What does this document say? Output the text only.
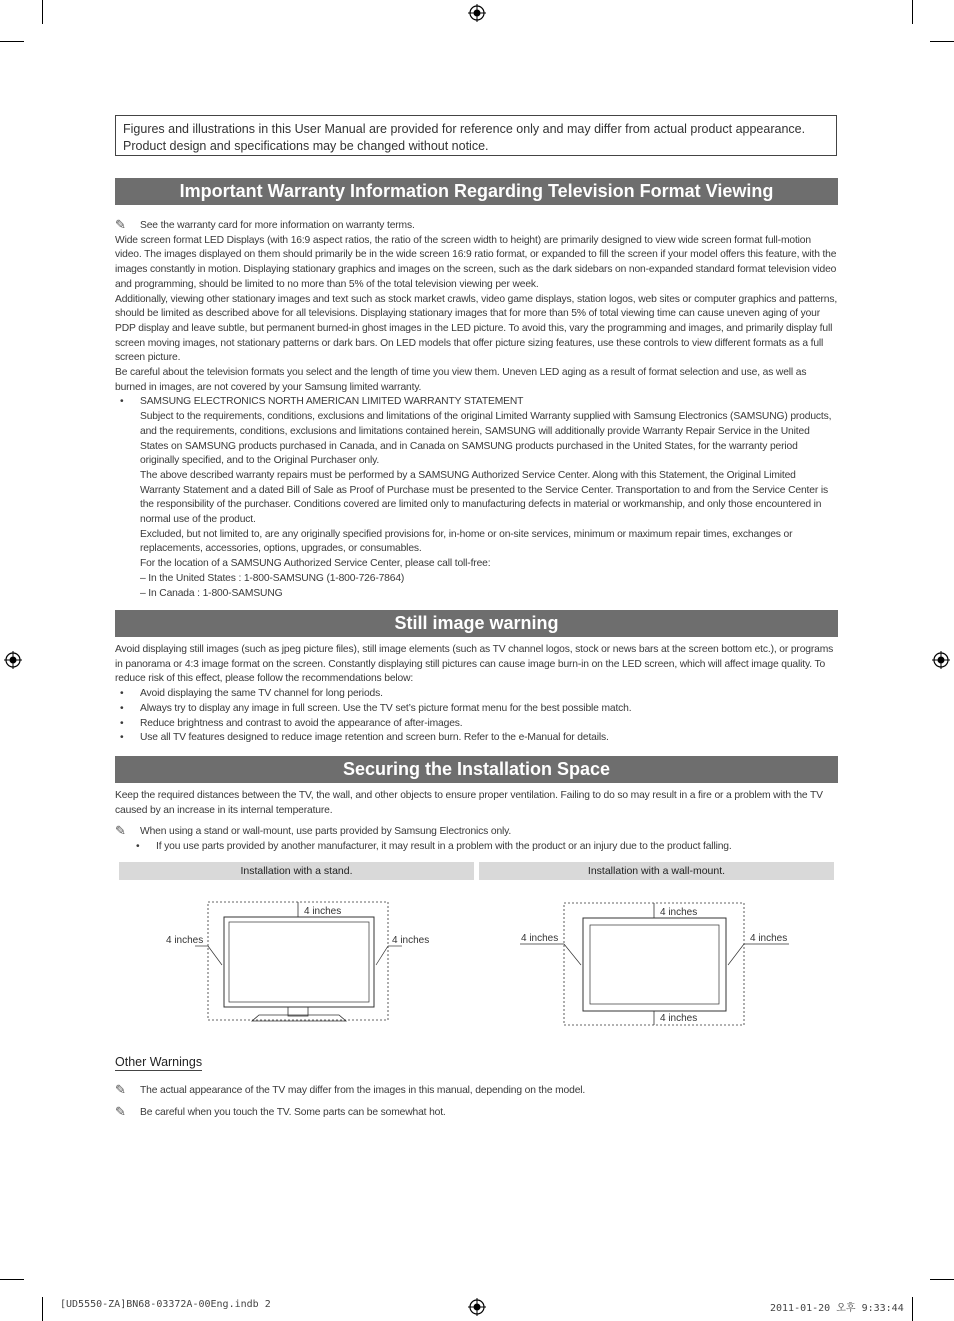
Figures and illustrations in this User Manual are provided for reference only and may differ from actual product appearance.
Product design and specifications may be changed without notice.
Important Warranty Information Regarding Television Format Viewing

✎ See the warranty card for more information on warranty terms.

Wide screen format LED Displays (with 16:9 aspect ratios, the ratio of the screen width to height) are primarily designed to view wide screen format full-motion video. The images displayed on them should primarily be in the wide screen 16:9 ratio format, or expanded to fill the screen if your model offers this feature, with the images constantly in motion. Displaying stationary graphics and images on the screen, such as the dark sidebars on non-expanded standard format television video and programming, should be limited to no more than 5% of the total television viewing per week.

Additionally, viewing other stationary images and text such as stock market crawls, video game displays, station logos, web sites or computer graphics and patterns, should be limited as described above for all televisions. Displaying stationary images that for more than 5% of total viewing time can cause uneven aging of your PDP display and leave subtle, but permanent burned-in ghost images in the LED picture. To avoid this, vary the programming and images, and primarily display full screen moving images, not stationary patterns or dark bars. On LED models that offer picture sizing features, use these controls to view different formats as a full screen picture.

Be careful about the television formats you select and the length of time you view them. Uneven LED aging as a result of format selection and use, as well as burned in images, are not covered by your Samsung limited warranty.

• SAMSUNG ELECTRONICS NORTH AMERICAN LIMITED WARRANTY STATEMENT

Subject to the requirements, conditions, exclusions and limitations of the original Limited Warranty supplied with Samsung Electronics (SAMSUNG) products, and the requirements, conditions, exclusions and limitations contained herein, SAMSUNG will additionally provide Warranty Repair Service in the United States on SAMSUNG products purchased in Canada, and in Canada on SAMSUNG products purchased in the United States, for the warranty period originally specified, and to the Original Purchaser only.

The above described warranty repairs must be performed by a SAMSUNG Authorized Service Center. Along with this Statement, the Original Limited Warranty Statement and a dated Bill of Sale as Proof of Purchase must be presented to the Service Center. Transportation to and from the Service Center is the responsibility of the purchaser. Conditions covered are limited only to manufacturing defects in material or workmanship, and only those encountered in normal use of the product.

Excluded, but not limited to, are any originally specified provisions for, in-home or on-site services, minimum or maximum repair times, exchanges or replacements, accessories, options, upgrades, or consumables.

For the location of a SAMSUNG Authorized Service Center, please call toll-free:

– In the United States : 1-800-SAMSUNG (1-800-726-7864)

– In Canada : 1-800-SAMSUNG

Still image warning

Avoid displaying still images (such as jpeg picture files), still image elements (such as TV channel logos, stock or news bars at the screen bottom etc.), or programs in panorama or 4:3 image format on the screen. Constantly displaying still pictures can cause image burn-in on the LED screen, which will affect image quality. To reduce risk of this effect, please follow the recommendations below:

• Avoid displaying the same TV channel for long periods.

• Always try to display any image in full screen. Use the TV set’s picture format menu for the best possible match.

• Reduce brightness and contrast to avoid the appearance of after-images.

• Use all TV features designed to reduce image retention and screen burn. Refer to the e-Manual for details.

Securing the Installation Space

Keep the required distances between the TV, the wall, and other objects to ensure proper ventilation. Failing to do so may result in a fire or a problem with the TV caused by an increase in its internal temperature.

✎ When using a stand or wall-mount, use parts provided by Samsung Electronics only.

• If you use parts provided by another manufacturer, it may result in a problem with the product or an injury due to the product falling.

Installation with a stand.	Installation with a wall-mount.
4 inches
4 inches	4 inches
4 inches
4 inches
4 inches	4 inches
Other Warnings

✎ The actual appearance of the TV may differ from the images in this manual, depending on the model.

✎ Be careful when you touch the TV. Some parts can be somewhat hot.

[UD5550-ZA]BN68-03372A-00Eng.indb 2	2011-01-20 오후 9:33:44
